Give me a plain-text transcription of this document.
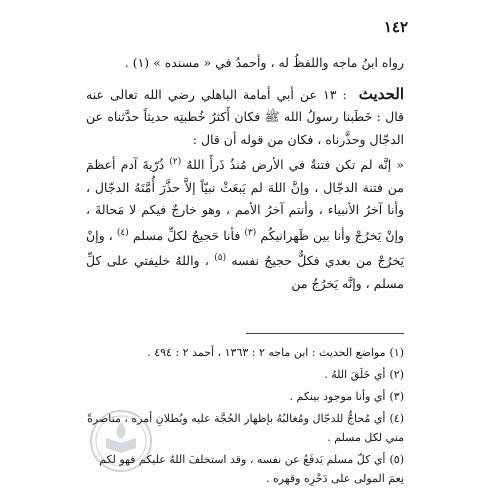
١٤٢

رواه ابنُ ماجه واللفظُ له ، وأحمدُ في « مسنده » (١) .

الحديث : ١٣ عن أبي أمامة الباهلي رضي الله تعالى عنه قال : خَطَبنا رسولُ الله ﷺ فكان أَكثرُ خُطبتِه حديثاً حدَّثناه عن الدجّال وحذَّرناه ، فكان من قوله أن قال :

« إنَّه لم تكن فتنةٌ في الأرض مُنذُ ذَرأَ اللهُ $^{(٢)}$ ذُرّيةَ آدم أعظمَ من فتنة الدجّال ، وإنَّ اللهَ لم يَبعَثْ نبيّاً إلاَّ حذَّرَ أُمَّتَهُ الدجّال ، وأنا آخرُ الأنبياء ، وأنتم آخرُ الأمم ، وهو خارجٌ فيكم لا مَحالةَ ، وإنْ يَخرُجْ وأنا بين ظَهرانيكُم $^{(٣)}$ فأنا حَجيجٌ لكلِّ مسلم $^{(٤)}$ ، وإنْ يَخرُجْ من بعدي فكلٌّ حجيجُ نفسه $^{(٥)}$ ، واللهُ خليفتي على كلِّ مسلم ، وإنَّه يَخرُجُ من

(١)مواضع الحديث : ابن ماجه ٢ : ١٣٦٣ ، أحمد ٢ : ٤٩٤ .

(٢)أي خَلَقَ اللهُ .

(٣)أي وأنا موجود بينكم .

(٤)أي مُحاجٌّ للدجّال ومُغالبُهُ بإظهار الحُجَّة عليه وبُطلانِ أمره ، مناصرةً مني لكل مسلم .

(٥)أي كلّ مسلم يَدفَعُ عن نفسه ، وقد استخلفَ اللهُ عليكم فهو لكم نِعمَ المولى على دَحْرِه وقهره .
